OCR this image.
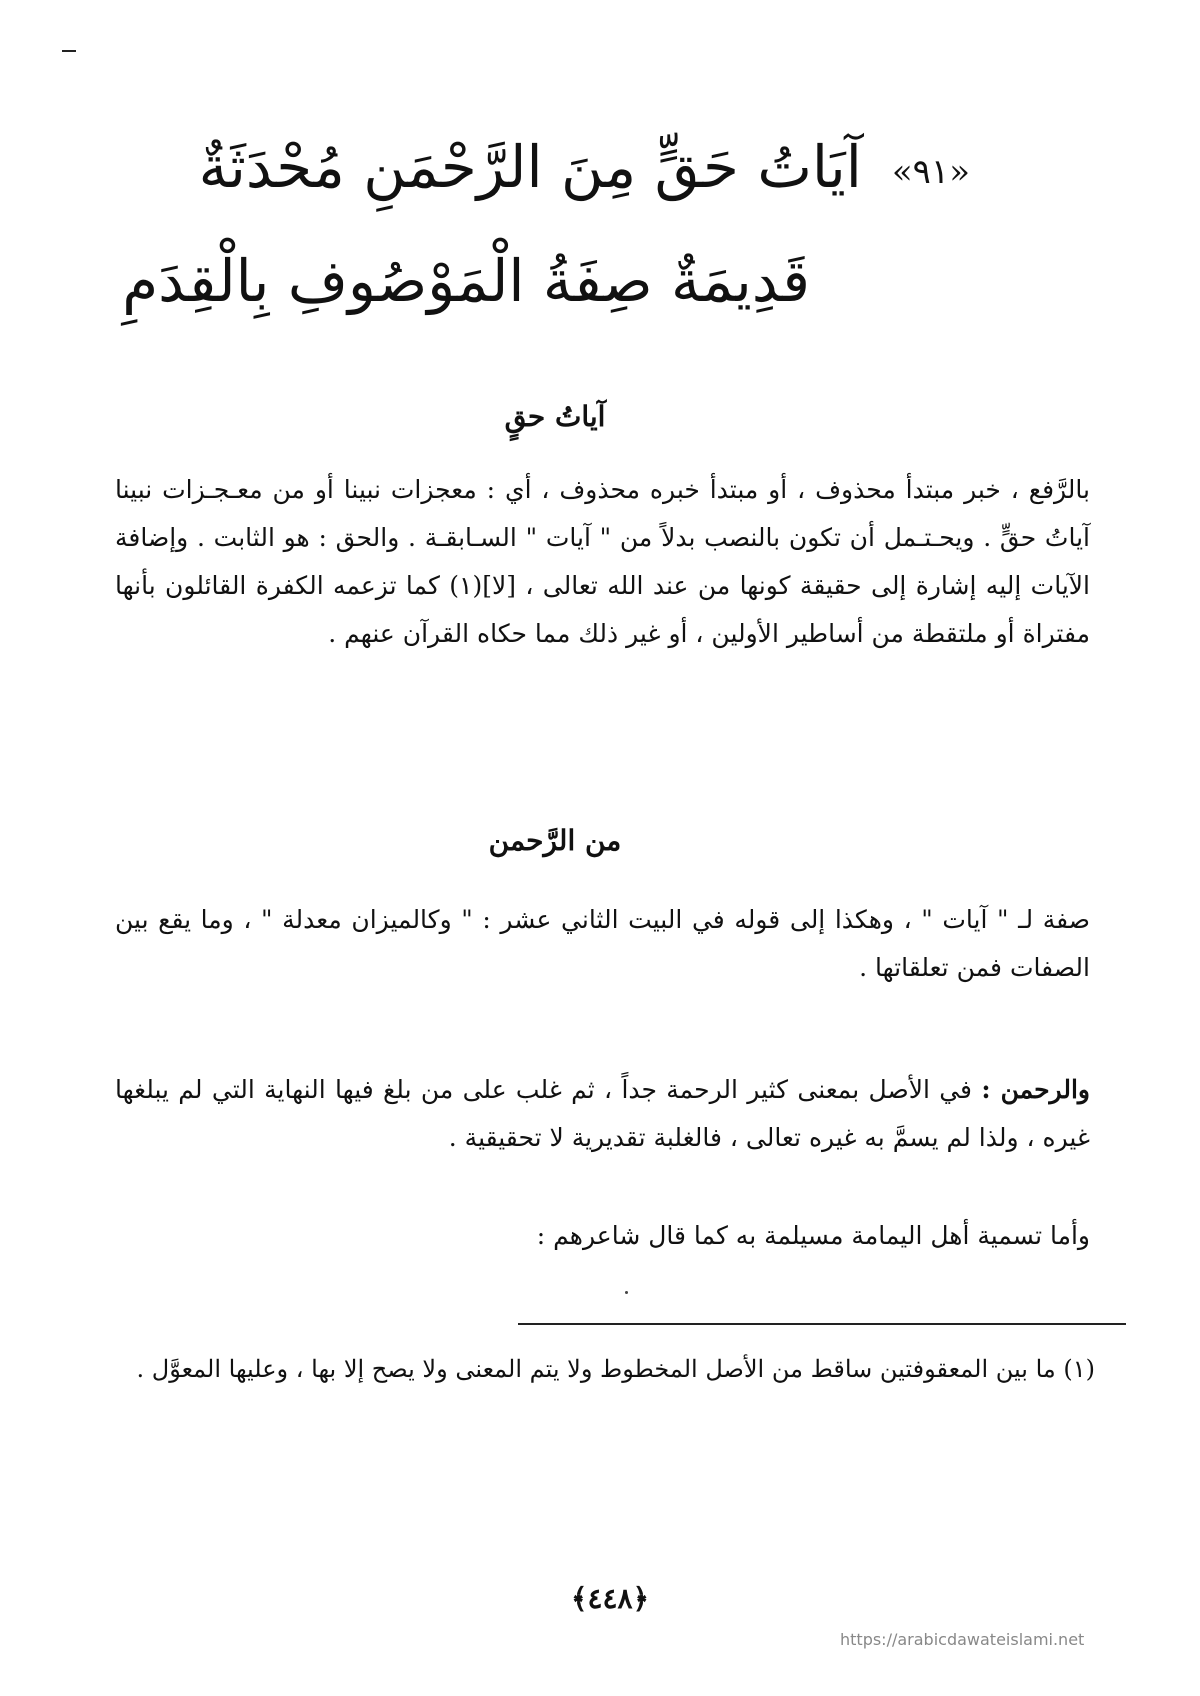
«٩١»آيَاتُ حَقٍّ مِنَ الرَّحْمَنِ مُحْدَثَةٌ
قَدِيمَةٌ صِفَةُ الْمَوْصُوفِ بِالْقِدَمِ
آياتُ حقٍ
بالرَّفع ، خبر مبتدأ محذوف ، أو مبتدأ خبره محذوف ، أي : معجزات نبينا أو من معـجـزات نبينا آياتُ حقٍّ . ويحـتـمل أن تكون بالنصب بدلاً من " آيات " السـابقـة . والحق : هو الثابت . وإضافة الآيات إليه إشارة إلى حقيقة كونها من عند الله تعالى ، [لا](١) كما تزعمه الكفرة القائلون بأنها مفتراة أو ملتقطة من أساطير الأولين ، أو غير ذلك مما حكاه القرآن عنهم .
من الرَّحمن
صفة لـ " آيات " ، وهكذا إلى قوله في البيت الثاني عشر : " وكالميزان معدلة " ، وما يقع بين الصفات فمن تعلقاتها .
والرحمن : في الأصل بمعنى كثير الرحمة جداً ، ثم غلب على من بلغ فيها النهاية التي لم يبلغها غيره ، ولذا لم يسمَّ به غيره تعالى ، فالغلبة تقديرية لا تحقيقية .
وأما تسمية أهل اليمامة مسيلمة به كما قال شاعرهم :
(١) ما بين المعقوفتين ساقط من الأصل المخطوط ولا يتم المعنى ولا يصح إلا بها ، وعليها المعوَّل .
﴿٤٤٨﴾
https://arabicdawateislami.net
